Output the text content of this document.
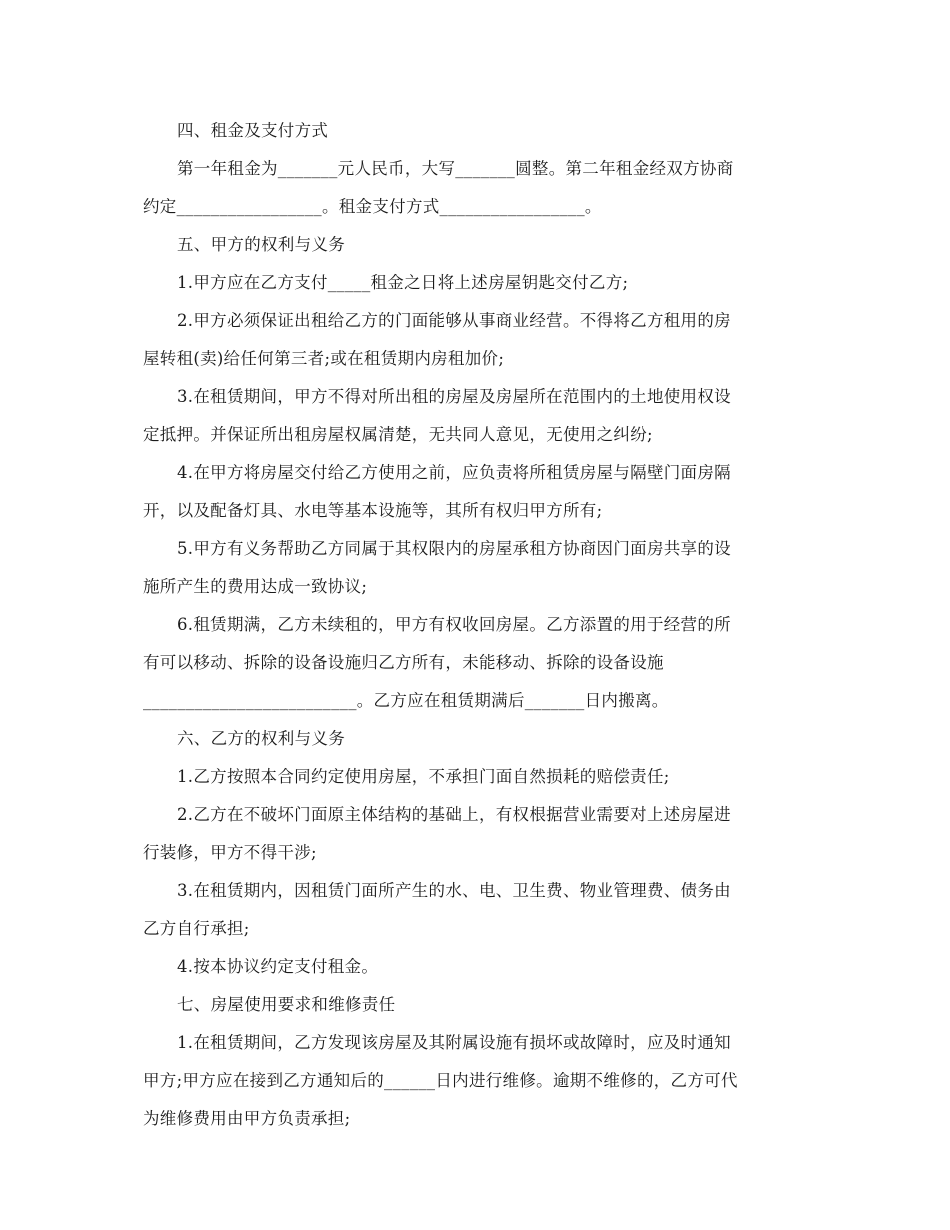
四、租金及支付方式
第一年租金为_______元人民币，大写_______圆整。第二年租金经双方协商
约定_________________。租金支付方式_________________。
五、甲方的权利与义务
1.甲方应在乙方支付_____租金之日将上述房屋钥匙交付乙方;
2.甲方必须保证出租给乙方的门面能够从事商业经营。不得将乙方租用的房
屋转租(卖)给任何第三者;或在租赁期内房租加价;
3.在租赁期间，甲方不得对所出租的房屋及房屋所在范围内的土地使用权设
定抵押。并保证所出租房屋权属清楚，无共同人意见，无使用之纠纷;
4.在甲方将房屋交付给乙方使用之前，应负责将所租赁房屋与隔壁门面房隔
开，以及配备灯具、水电等基本设施等，其所有权归甲方所有;
5.甲方有义务帮助乙方同属于其权限内的房屋承租方协商因门面房共享的设
施所产生的费用达成一致协议;
6.租赁期满，乙方未续租的，甲方有权收回房屋。乙方添置的用于经营的所
有可以移动、拆除的设备设施归乙方所有，未能移动、拆除的设备设施
_________________________。乙方应在租赁期满后_______日内搬离。
六、乙方的权利与义务
1.乙方按照本合同约定使用房屋，不承担门面自然损耗的赔偿责任;
2.乙方在不破坏门面原主体结构的基础上，有权根据营业需要对上述房屋进
行装修，甲方不得干涉;
3.在租赁期内，因租赁门面所产生的水、电、卫生费、物业管理费、债务由
乙方自行承担;
4.按本协议约定支付租金。
七、房屋使用要求和维修责任
1.在租赁期间，乙方发现该房屋及其附属设施有损坏或故障时，应及时通知
甲方;甲方应在接到乙方通知后的______日内进行维修。逾期不维修的，乙方可代
为维修费用由甲方负责承担;
